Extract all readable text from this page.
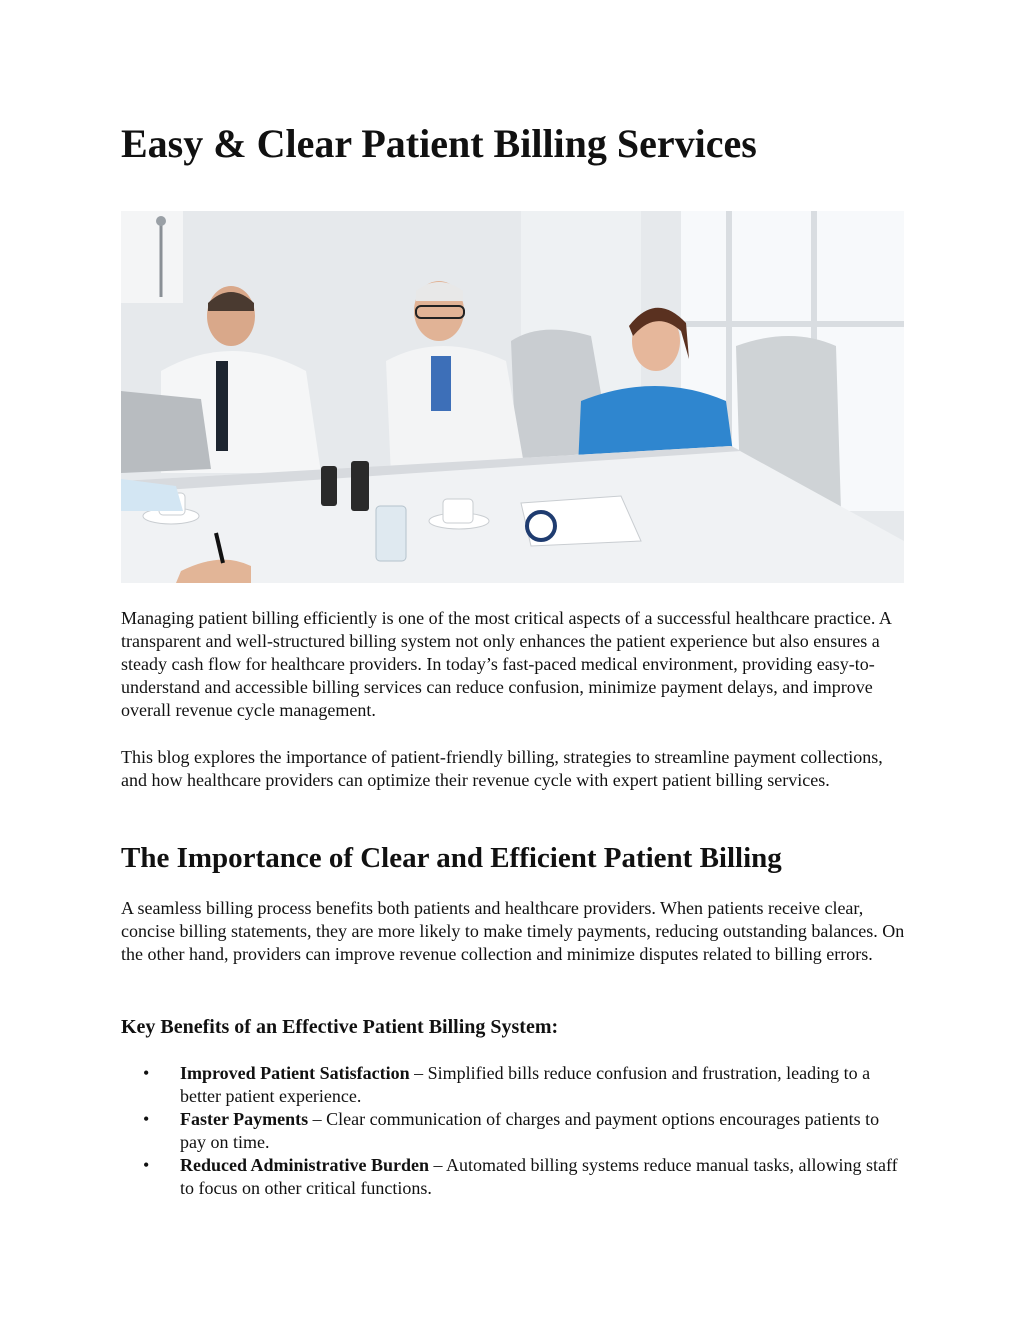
Easy & Clear Patient Billing Services

Managing patient billing efficiently is one of the most critical aspects of a successful healthcare practice. A transparent and well-structured billing system not only enhances the patient experience but also ensures a steady cash flow for healthcare providers. In today’s fast-paced medical environment, providing easy-to-understand and accessible billing services can reduce confusion, minimize payment delays, and improve overall revenue cycle management.

This blog explores the importance of patient-friendly billing, strategies to streamline payment collections, and how healthcare providers can optimize their revenue cycle with expert patient billing services.

The Importance of Clear and Efficient Patient Billing

A seamless billing process benefits both patients and healthcare providers. When patients receive clear, concise billing statements, they are more likely to make timely payments, reducing outstanding balances. On the other hand, providers can improve revenue collection and minimize disputes related to billing errors.

Key Benefits of an Effective Patient Billing System:
• Improved Patient Satisfaction – Simplified bills reduce confusion and frustration, leading to a better patient experience.
• Faster Payments – Clear communication of charges and payment options encourages patients to pay on time.
• Reduced Administrative Burden – Automated billing systems reduce manual tasks, allowing staff to focus on other critical functions.
